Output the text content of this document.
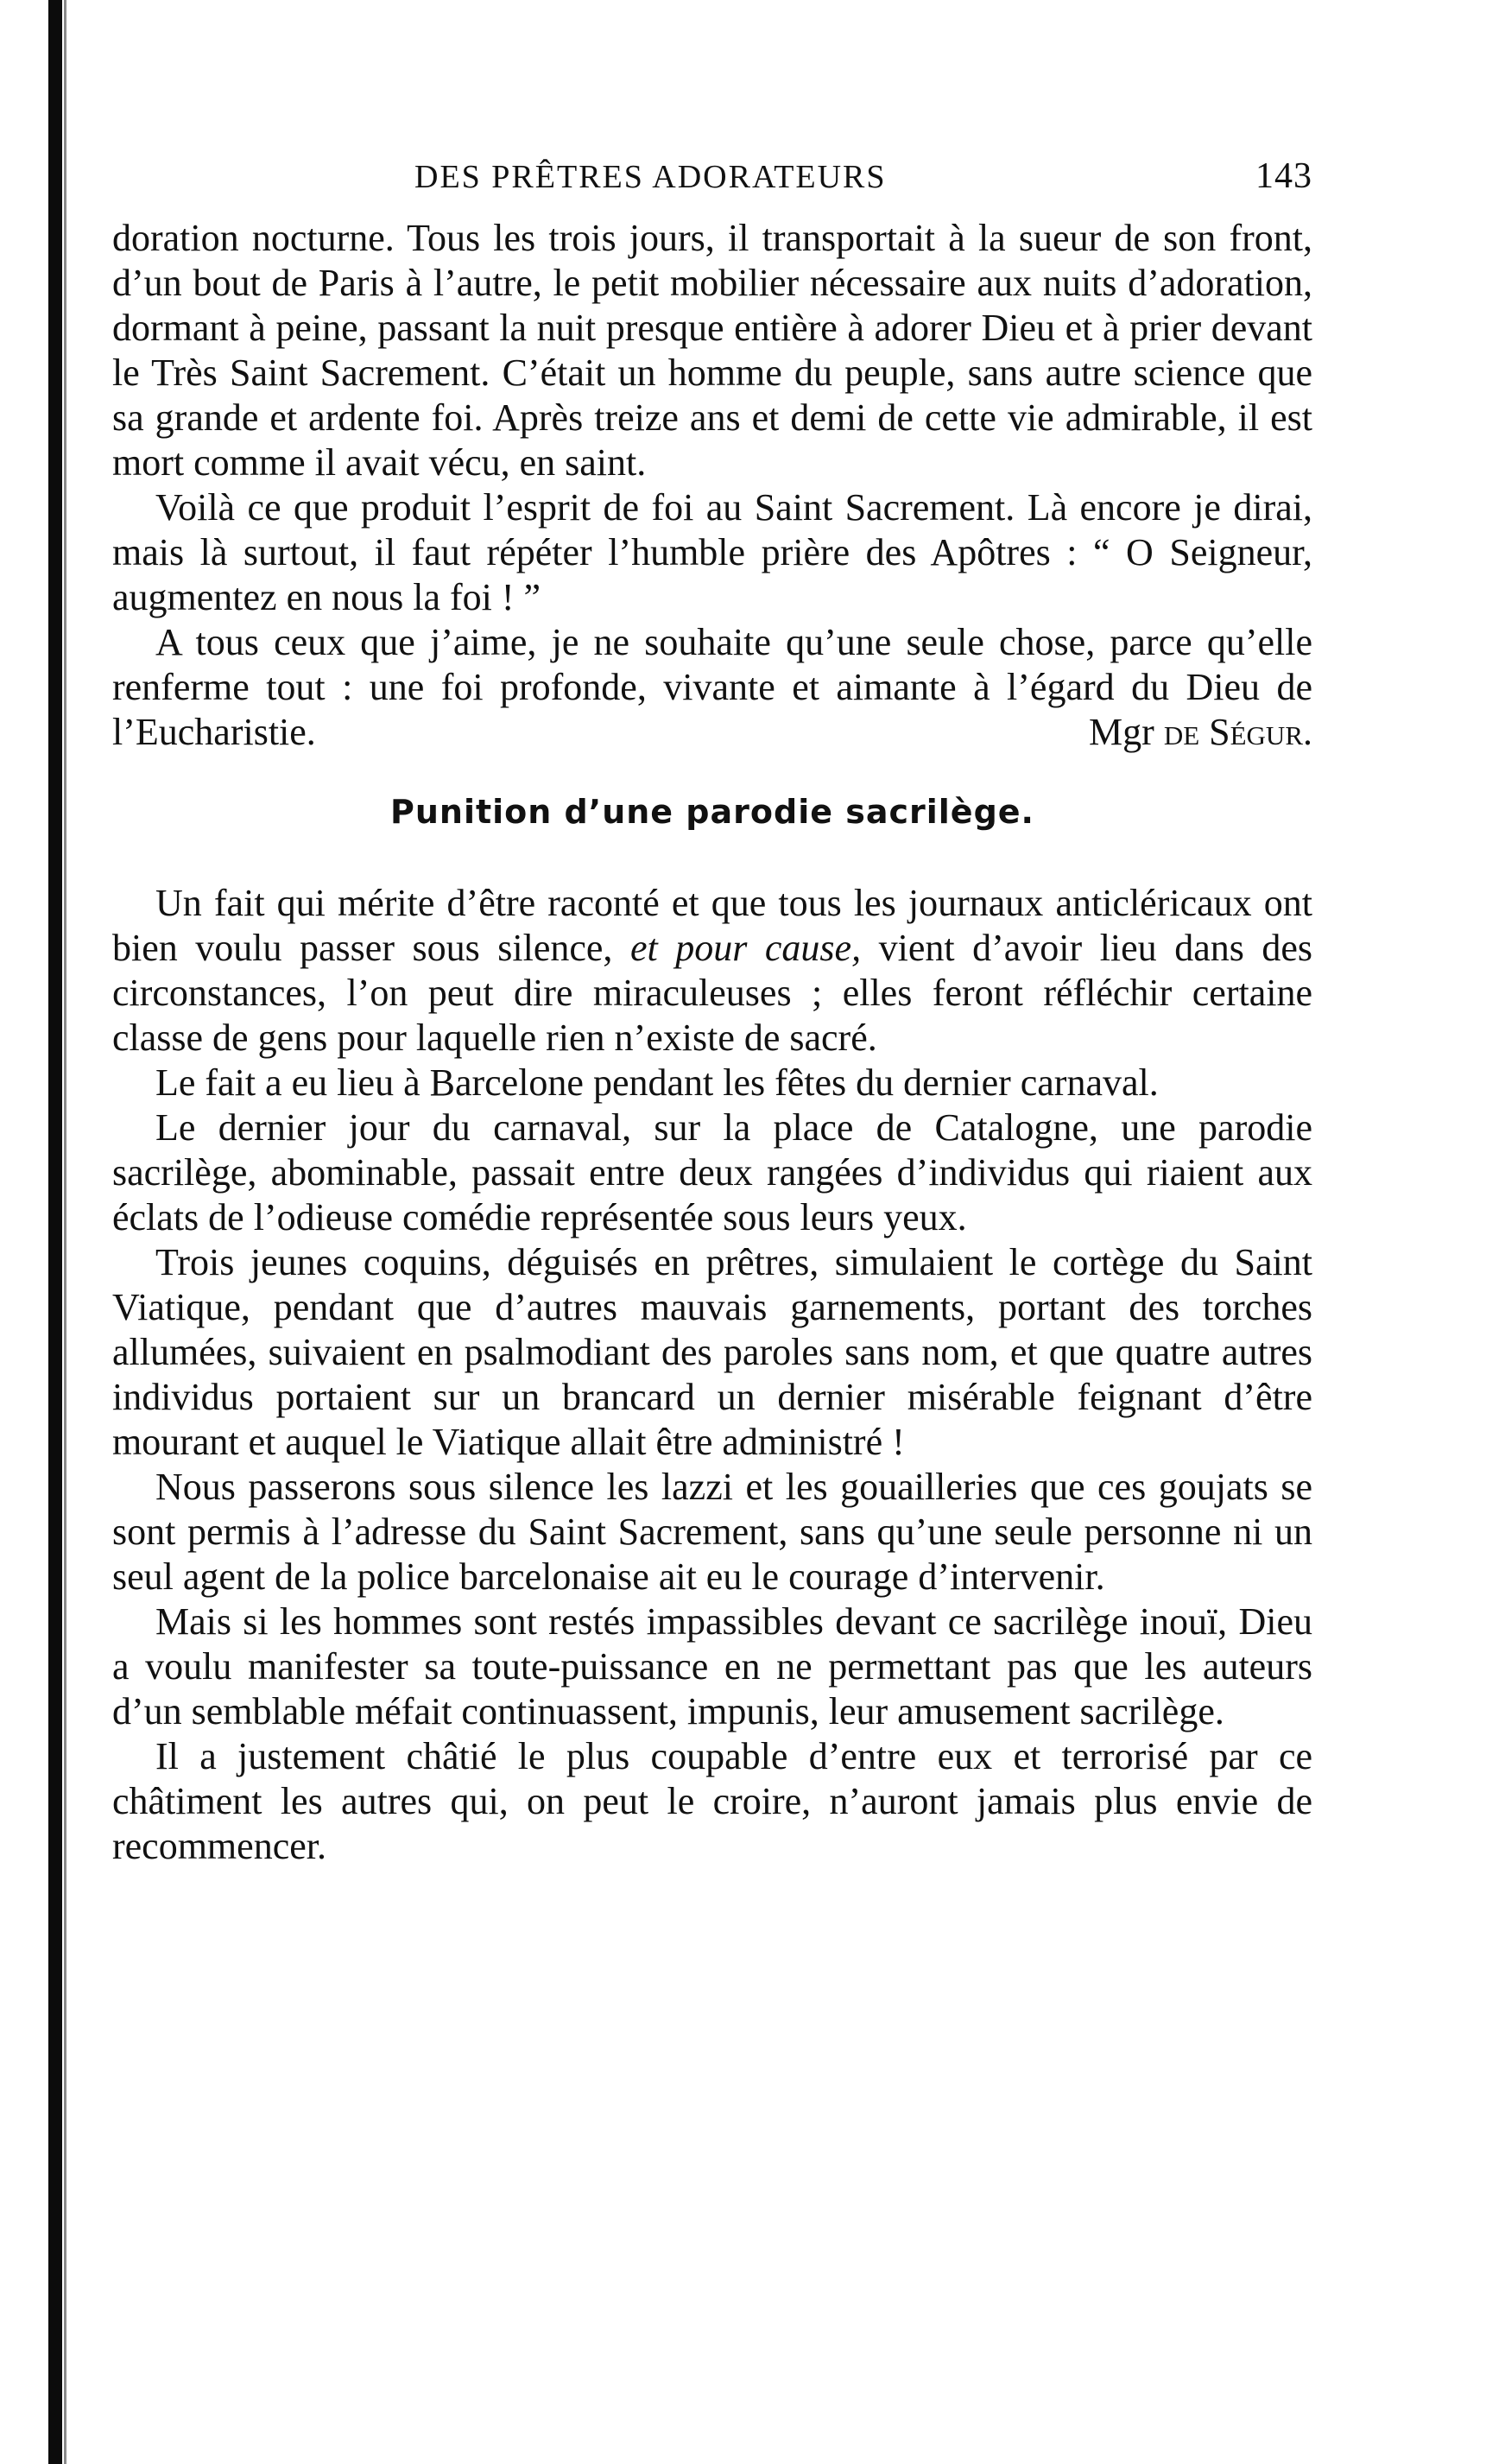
DES PRÊTRES ADORATEURS	143

doration nocturne. Tous les trois jours, il transportait à la sueur de son front, d’un bout de Paris à l’autre, le petit mobilier nécessaire aux nuits d’adoration, dormant à peine, passant la nuit presque entière à adorer Dieu et à prier devant le Très Saint Sacrement. C’était un homme du peuple, sans autre science que sa grande et ardente foi. Après treize ans et demi de cette vie admirable, il est mort comme il avait vécu, en saint.

Voilà ce que produit l’esprit de foi au Saint Sacrement. Là encore je dirai, mais là surtout, il faut répéter l’humble prière des Apôtres : “ O Seigneur, augmentez en nous la foi ! ”

A tous ceux que j’aime, je ne souhaite qu’une seule chose, parce qu’elle renferme tout : une foi profonde, vivante et aimante à l’égard du Dieu de l’Eucharistie.	Mgr de Ségur.

Punition d’une parodie sacrilège.

Un fait qui mérite d’être raconté et que tous les journaux anticléricaux ont bien voulu passer sous silence, et pour cause, vient d’avoir lieu dans des circonstances, l’on peut dire miraculeuses ; elles feront réfléchir certaine classe de gens pour laquelle rien n’existe de sacré.

Le fait a eu lieu à Barcelone pendant les fêtes du dernier carnaval.

Le dernier jour du carnaval, sur la place de Catalogne, une parodie sacrilège, abominable, passait entre deux rangées d’individus qui riaient aux éclats de l’odieuse comédie représentée sous leurs yeux.

Trois jeunes coquins, déguisés en prêtres, simulaient le cortège du Saint Viatique, pendant que d’autres mauvais garnements, portant des torches allumées, suivaient en psalmodiant des paroles sans nom, et que quatre autres individus portaient sur un brancard un dernier misérable feignant d’être mourant et auquel le Viatique allait être administré !

Nous passerons sous silence les lazzi et les gouailleries que ces goujats se sont permis à l’adresse du Saint Sacrement, sans qu’une seule personne ni un seul agent de la police barcelonaise ait eu le courage d’intervenir.

Mais si les hommes sont restés impassibles devant ce sacrilège inouï, Dieu a voulu manifester sa toute-puissance en ne permettant pas que les auteurs d’un semblable méfait continuassent, impunis, leur amusement sacrilège.

Il a justement châtié le plus coupable d’entre eux et terrorisé par ce châtiment les autres qui, on peut le croire, n’auront jamais plus envie de recommencer.
